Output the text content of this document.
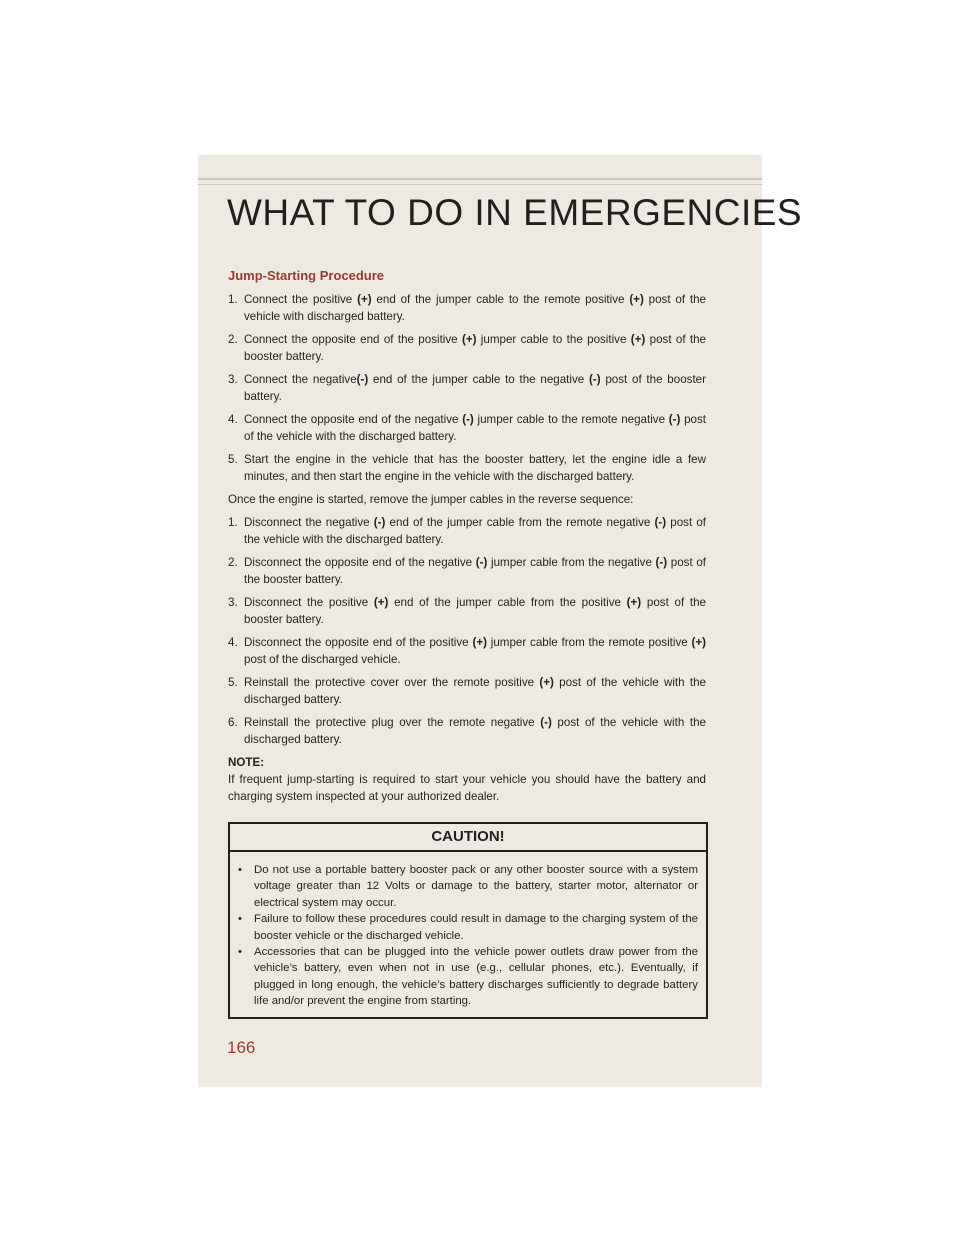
WHAT TO DO IN EMERGENCIES
Jump-Starting Procedure
1. Connect the positive (+) end of the jumper cable to the remote positive (+) post of the vehicle with discharged battery.
2. Connect the opposite end of the positive (+) jumper cable to the positive (+) post of the booster battery.
3. Connect the negative(-) end of the jumper cable to the negative (-) post of the booster battery.
4. Connect the opposite end of the negative (-) jumper cable to the remote negative (-) post of the vehicle with the discharged battery.
5. Start the engine in the vehicle that has the booster battery, let the engine idle a few minutes, and then start the engine in the vehicle with the discharged battery.
Once the engine is started, remove the jumper cables in the reverse sequence:
1. Disconnect the negative (-) end of the jumper cable from the remote negative (-) post of the vehicle with the discharged battery.
2. Disconnect the opposite end of the negative (-) jumper cable from the negative (-) post of the booster battery.
3. Disconnect the positive (+) end of the jumper cable from the positive (+) post of the booster battery.
4. Disconnect the opposite end of the positive (+) jumper cable from the remote positive (+) post of the discharged vehicle.
5. Reinstall the protective cover over the remote positive (+) post of the vehicle with the discharged battery.
6. Reinstall the protective plug over the remote negative (-) post of the vehicle with the discharged battery.
NOTE:
If frequent jump-starting is required to start your vehicle you should have the battery and charging system inspected at your authorized dealer.
CAUTION!
• Do not use a portable battery booster pack or any other booster source with a system voltage greater than 12 Volts or damage to the battery, starter motor, alternator or electrical system may occur.
• Failure to follow these procedures could result in damage to the charging system of the booster vehicle or the discharged vehicle.
• Accessories that can be plugged into the vehicle power outlets draw power from the vehicle’s battery, even when not in use (e.g., cellular phones, etc.). Eventually, if plugged in long enough, the vehicle’s battery discharges sufficiently to degrade battery life and/or prevent the engine from starting.
166
